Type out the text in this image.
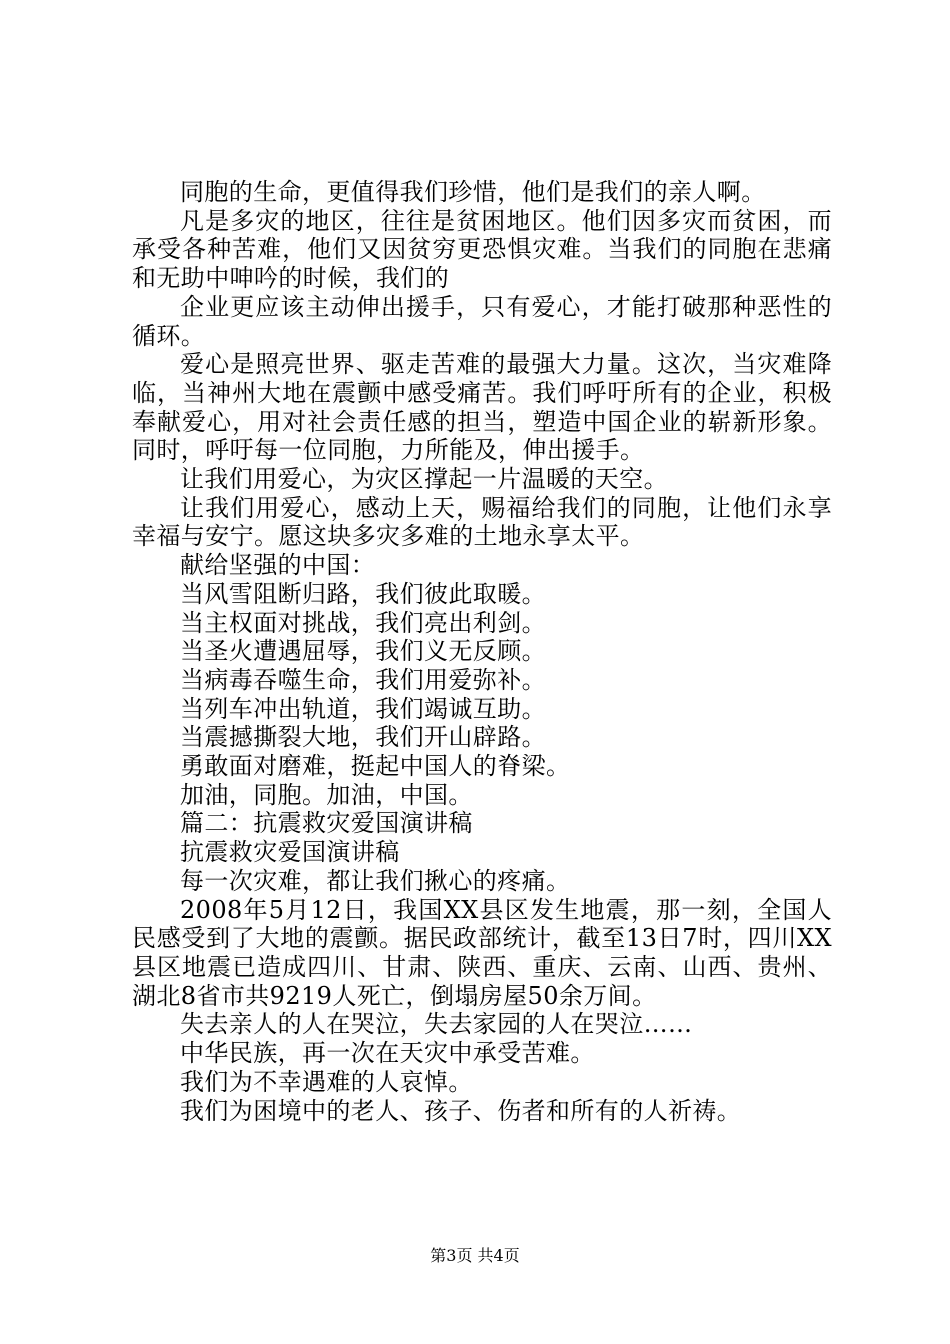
同胞的生命，更值得我们珍惜，他们是我们的亲人啊。

凡是多灾的地区，往往是贫困地区。他们因多灾而贫困，而承受各种苦难，他们又因贫穷更恐惧灾难。当我们的同胞在悲痛和无助中呻吟的时候，我们的

企业更应该主动伸出援手，只有爱心，才能打破那种恶性的循环。

爱心是照亮世界、驱走苦难的最强大力量。这次，当灾难降临，当神州大地在震颤中感受痛苦。我们呼吁所有的企业，积极奉献爱心，用对社会责任感的担当，塑造中国企业的崭新形象。同时，呼吁每一位同胞，力所能及，伸出援手。

让我们用爱心，为灾区撑起一片温暖的天空。

让我们用爱心，感动上天，赐福给我们的同胞，让他们永享幸福与安宁。愿这块多灾多难的土地永享太平。

献给坚强的中国：

当风雪阻断归路，我们彼此取暖。

当主权面对挑战，我们亮出利剑。

当圣火遭遇屈辱，我们义无反顾。

当病毒吞噬生命，我们用爱弥补。

当列车冲出轨道，我们竭诚互助。

当震撼撕裂大地，我们开山辟路。

勇敢面对磨难，挺起中国人的脊梁。

加油，同胞。加油，中国。

篇二：抗震救灾爱国演讲稿

抗震救灾爱国演讲稿

每一次灾难，都让我们揪心的疼痛。

2008年5月12日，我国XX县区发生地震，那一刻，全国人民感受到了大地的震颤。据民政部统计，截至13日7时，四川XX县区地震已造成四川、甘肃、陕西、重庆、云南、山西、贵州、湖北8省市共9219人死亡，倒塌房屋50余万间。

失去亲人的人在哭泣，失去家园的人在哭泣……

中华民族，再一次在天灾中承受苦难。

我们为不幸遇难的人哀悼。

我们为困境中的老人、孩子、伤者和所有的人祈祷。

第3页 共4页
